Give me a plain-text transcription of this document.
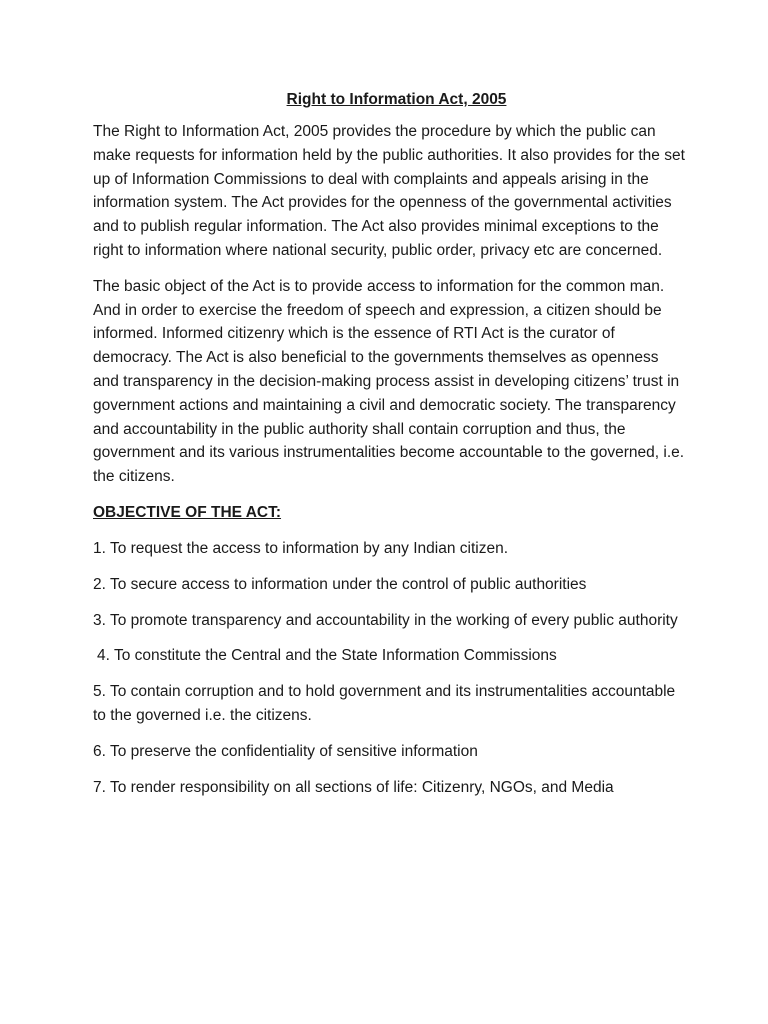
Right to Information Act, 2005

The Right to Information Act, 2005 provides the procedure by which the public can make requests for information held by the public authorities. It also provides for the set up of Information Commissions to deal with complaints and appeals arising in the information system. The Act provides for the openness of the governmental activities and to publish regular information. The Act also provides minimal exceptions to the right to information where national security, public order, privacy etc are concerned.

The basic object of the Act is to provide access to information for the common man. And in order to exercise the freedom of speech and expression, a citizen should be informed. Informed citizenry which is the essence of RTI Act is the curator of democracy. The Act is also beneficial to the governments themselves as openness and transparency in the decision-making process assist in developing citizens’ trust in government actions and maintaining a civil and democratic society. The transparency and accountability in the public authority shall contain corruption and thus, the government and its various instrumentalities become accountable to the governed, i.e. the citizens.

OBJECTIVE OF THE ACT:

1. To request the access to information by any Indian citizen.

2. To secure access to information under the control of public authorities

3. To promote transparency and accountability in the working of every public authority

4. To constitute the Central and the State Information Commissions

5. To contain corruption and to hold government and its instrumentalities accountable to the governed i.e. the citizens.

6. To preserve the confidentiality of sensitive information

7. To render responsibility on all sections of life: Citizenry, NGOs, and Media
